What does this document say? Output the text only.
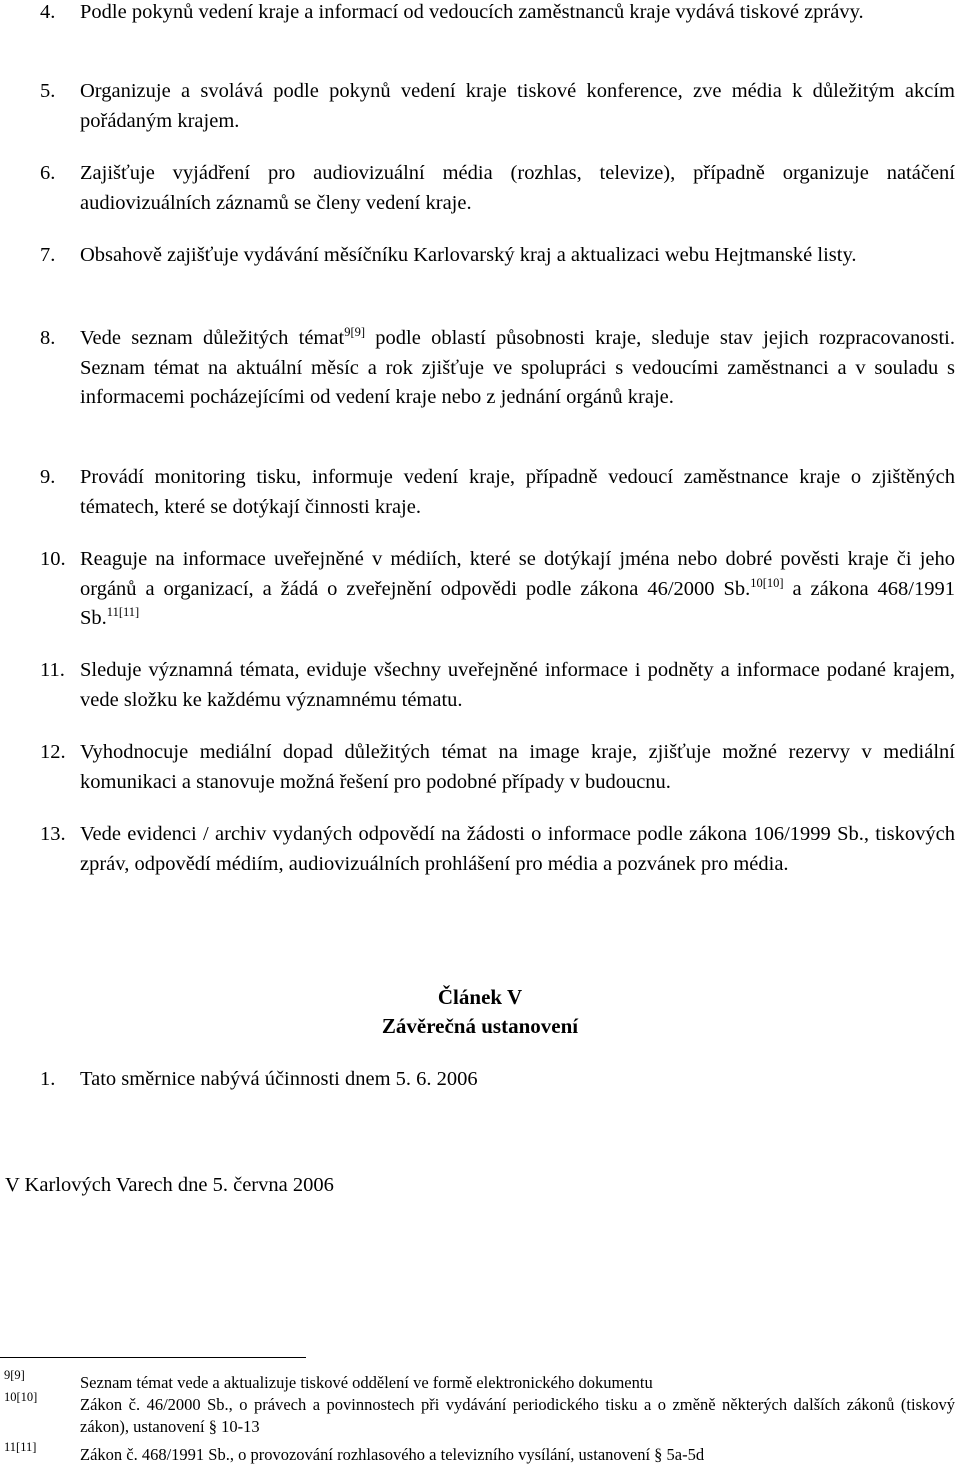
4.	Podle pokynů vedení kraje a informací od vedoucích zaměstnanců kraje vydává tiskové zprávy.
5.	Organizuje a svolává podle pokynů vedení kraje tiskové konference, zve média k důležitým akcím pořádaným krajem.
6.	Zajišťuje vyjádření pro audiovizuální média (rozhlas, televize), případně organizuje natáčení audiovizuálních záznamů se členy vedení kraje.
7.	Obsahově zajišťuje vydávání měsíčníku Karlovarský kraj a aktualizaci webu Hejtmanské listy.
8.	Vede seznam důležitých témat$^{9[9]}$ podle oblastí působnosti kraje, sleduje stav jejich rozpracovanosti. Seznam témat na aktuální měsíc a rok zjišťuje ve spolupráci s vedoucími zaměstnanci a v souladu s informacemi pocházejícími od vedení kraje nebo z jednání orgánů kraje.
9.	Provádí monitoring tisku, informuje vedení kraje, případně vedoucí zaměstnance kraje o zjištěných tématech, které se dotýkají činnosti kraje.
10. Reaguje na informace uveřejněné v médiích, které se dotýkají jména nebo dobré pověsti kraje či jeho orgánů a organizací, a žádá o zveřejnění odpovědi podle zákona 46/2000 Sb.$^{10[10]}$ a zákona 468/1991 Sb.$^{11[11]}$
11. Sleduje významná témata, eviduje všechny uveřejněné informace i podněty a informace podané krajem, vede složku ke každému významnému tématu.
12. Vyhodnocuje mediální dopad důležitých témat na image kraje, zjišťuje možné rezervy v mediální komunikaci a stanovuje možná řešení pro podobné případy v budoucnu.
13. Vede evidenci / archiv vydaných odpovědí na žádosti o informace podle zákona 106/1999 Sb., tiskových zpráv, odpovědí médiím, audiovizuálních prohlášení pro média a pozvánek pro média.
Článek V
Závěrečná ustanovení
1. Tato směrnice nabývá účinnosti dnem 5. 6. 2006
V Karlových Varech dne 5. června 2006
9[9]	Seznam témat vede a aktualizuje tiskové oddělení ve formě elektronického dokumentu
10[10]	Zákon č. 46/2000 Sb., o právech a povinnostech při vydávání periodického tisku a o změně některých dalších zákonů (tiskový zákon), ustanovení § 10-13
11[11]	Zákon č. 468/1991 Sb., o provozování rozhlasového a televizního vysílání, ustanovení § 5a-5d
